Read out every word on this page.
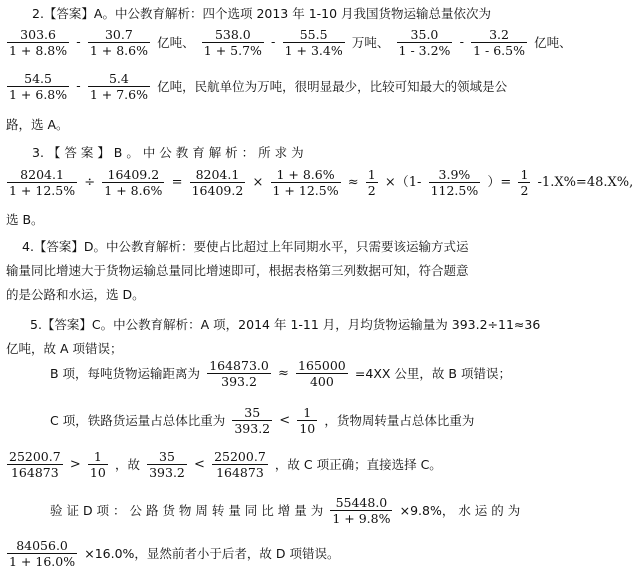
2.【答案】A。中公教育解析：四个选项 2013 年 1-10 月我国货物运输总量依次为
$\frac{303.6}{1 + 8.8\%} - \frac{30.7}{1 + 8.6\%}$ 亿吨、 $\frac{538.0}{1 + 5.7\%} - \frac{55.5}{1 + 3.4\%}$ 万吨、 $\frac{35.0}{1 - 3.2\%} - \frac{3.2}{1 - 6.5\%}$ 亿吨、
$\frac{54.5}{1 + 6.8\%} - \frac{5.4}{1 + 7.6\%}$ 亿吨，民航单位为万吨，很明显最少，比较可知最大的领域是公
路，选 A。
3. 【 答 案 】 B 。 中 公 教 育 解 析 ： 所 求 为
$\frac{8204.1}{1 + 12.5\%} \div \frac{16409.2}{1 + 8.6\%} = \frac{8204.1}{16409.2} \times \frac{1 + 8.6\%}{1 + 12.5\%} \approx \frac{1}{2} \times(1- \frac{3.9\%}{112.5\%}$ ）= $\frac{1}{2} -1.X\%=48.X\%$,
选 B。
4.【答案】D。中公教育解析：要使占比超过上年同期水平，只需要该运输方式运
输量同比增速大于货物运输总量同比增速即可，根据表格第三列数据可知，符合题意
的是公路和水运，选 D。
5.【答案】C。中公教育解析：A 项，2014 年 1-11 月，月均货物运输量为 393.2÷11≈36
亿吨，故 A 项错误；
B 项，每吨货物运输距离为 $\frac{164873.0}{393.2} \approx \frac{165000}{400} =4XX$ 公里，故 B 项错误；
C 项，铁路货运量占总体比重为 $\frac{35}{393.2} < \frac{1}{10}$ ，货物周转量占总体比重为
$\frac{25200.7}{164873} > \frac{1}{10}$ ，故 $\frac{35}{393.2} < \frac{25200.7}{164873}$ ，故 C 项正确；直接选择 C。
验 证 D 项 ： 公 路 货 物 周 转 量 同 比 增 量 为 $\frac{55448.0}{1 + 9.8\%} \times 9.8\%$， 水 运 的 为
$\frac{84056.0}{1 + 16.0\%} \times 16.0\%$，显然前者小于后者，故 D 项错误。
